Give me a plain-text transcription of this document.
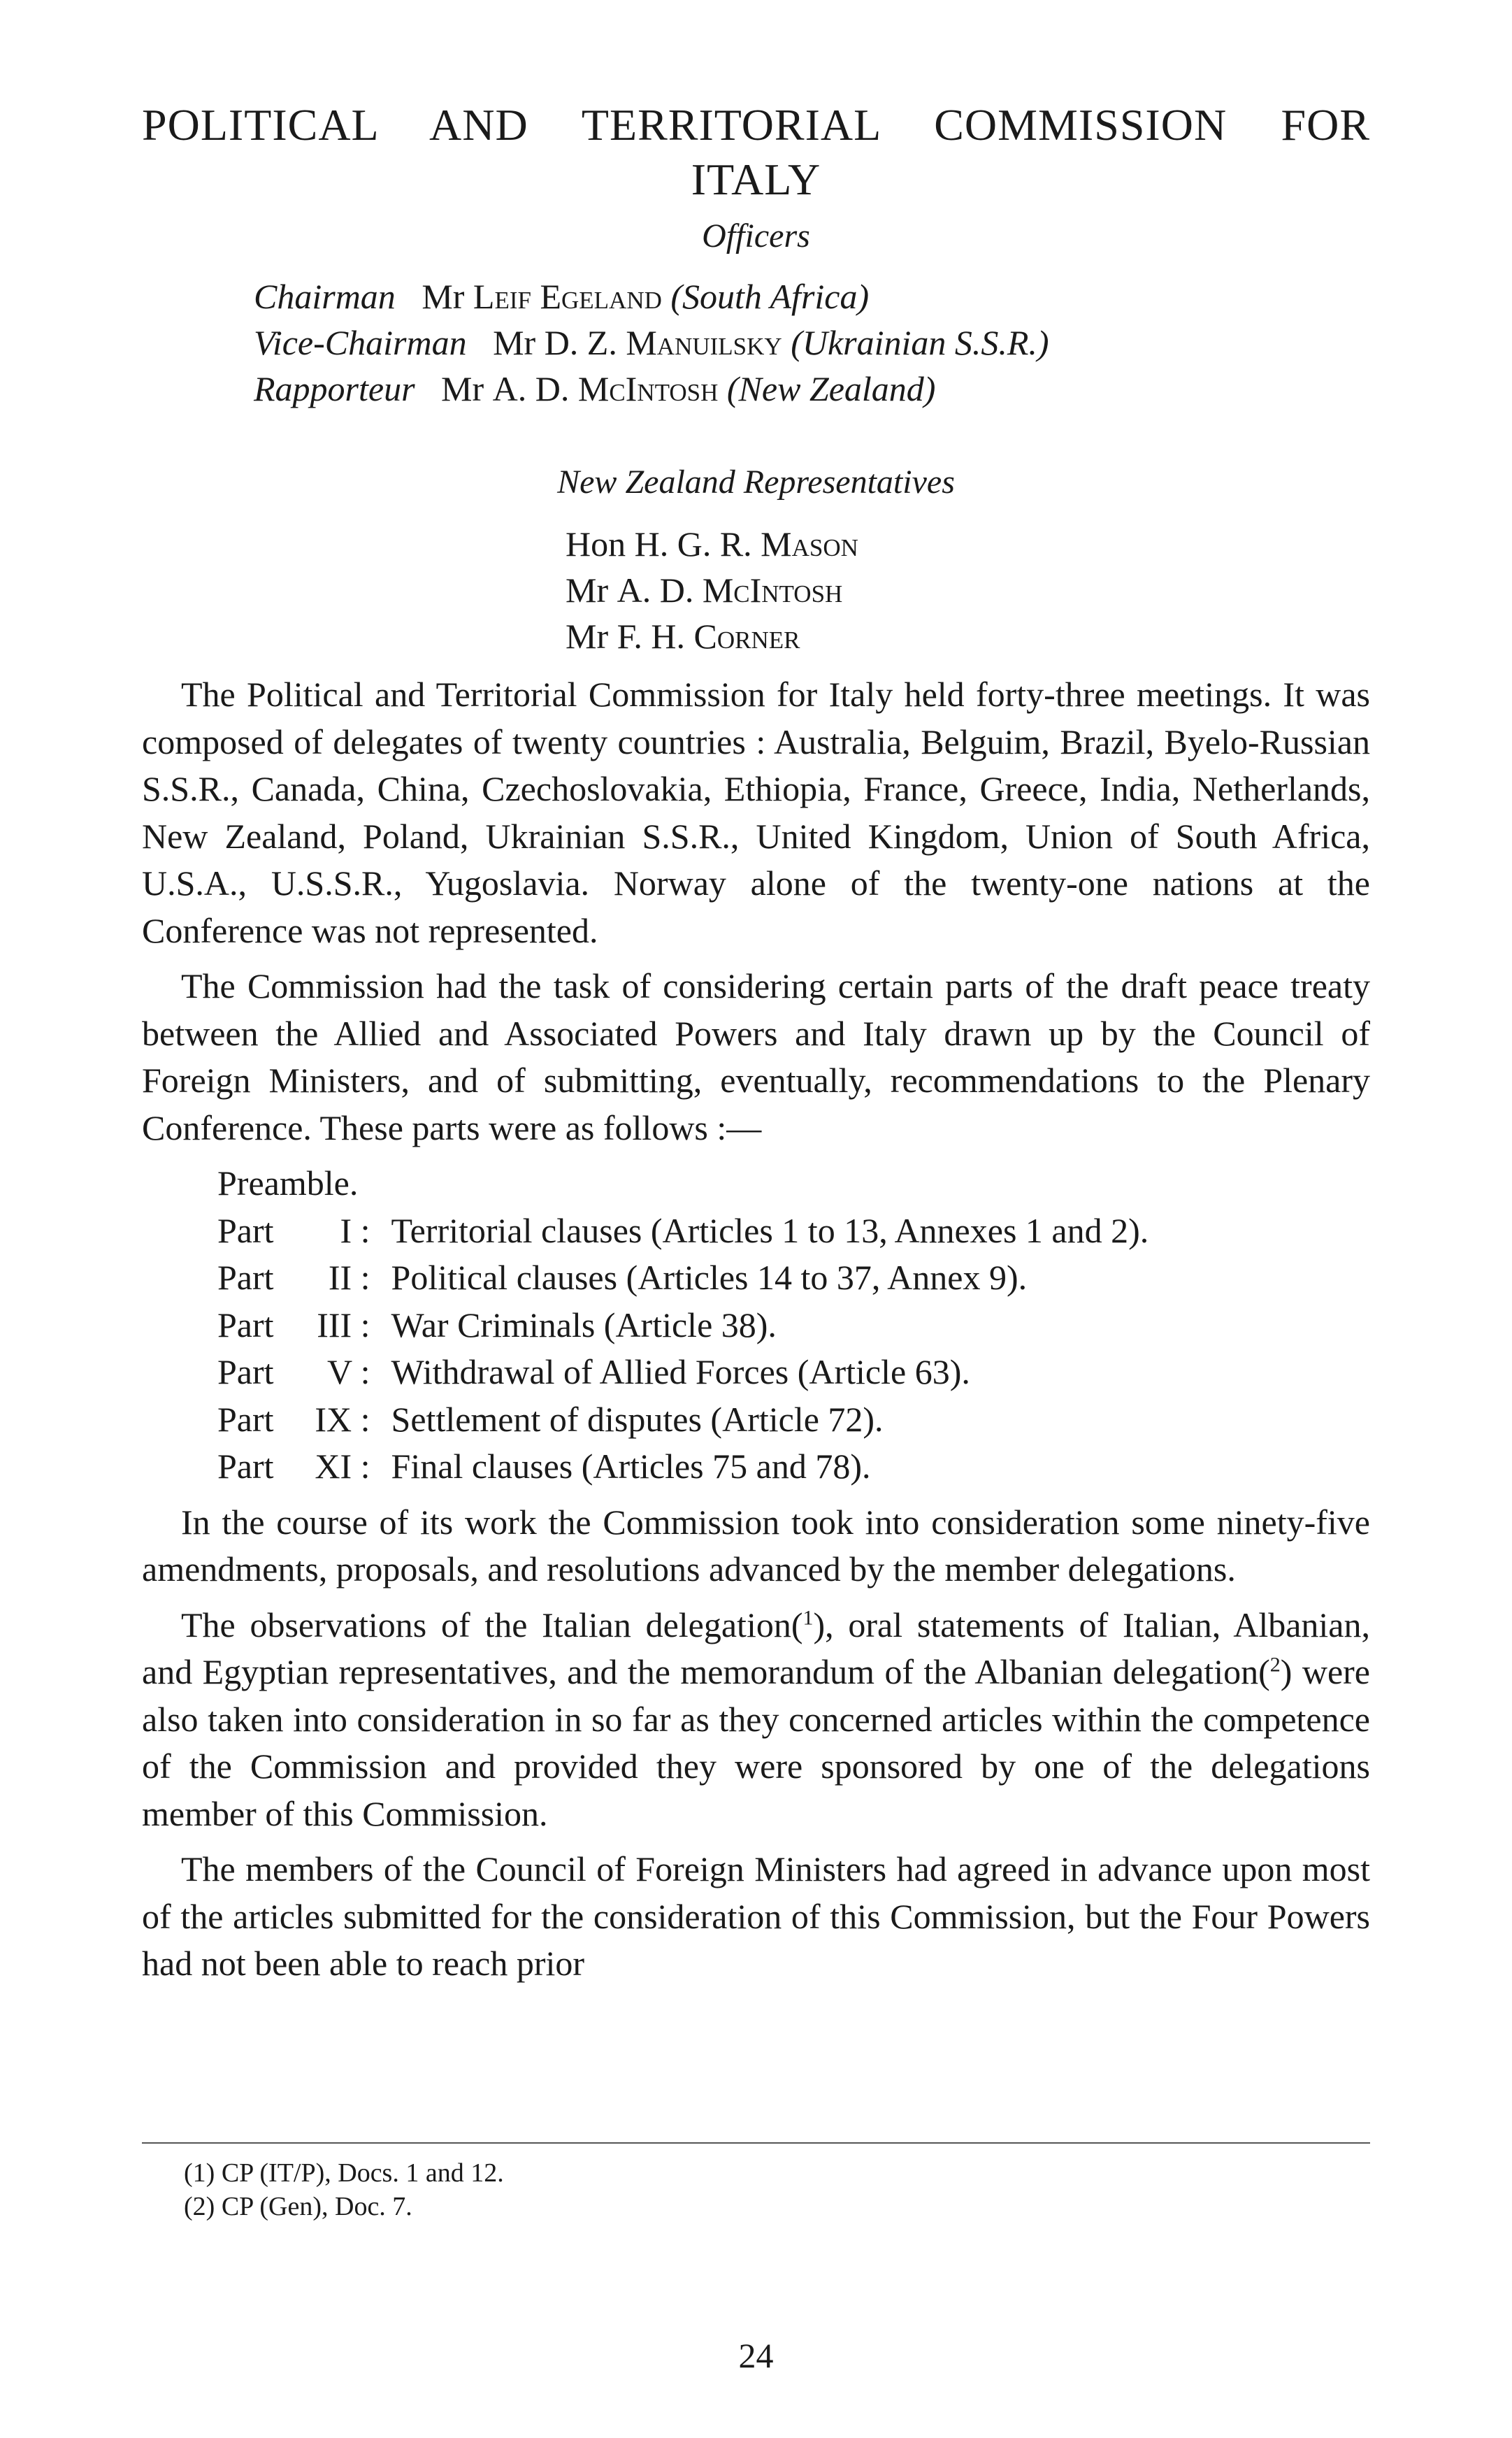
POLITICAL AND TERRITORIAL COMMISSION FOR
ITALY
Officers
Chairman Mr Leif Egeland (South Africa)
Vice-Chairman Mr D. Z. Manuilsky (Ukrainian S.S.R.)
Rapporteur Mr A. D. McIntosh (New Zealand)
New Zealand Representatives
Hon H. G. R. Mason
Mr A. D. McIntosh
Mr F. H. Corner

The Political and Territorial Commission for Italy held forty-three meetings. It was composed of delegates of twenty countries : Australia, Belguim, Brazil, Byelo-Russian S.S.R., Canada, China, Czechoslovakia, Ethiopia, France, Greece, India, Netherlands, New Zealand, Poland, Ukrainian S.S.R., United Kingdom, Union of South Africa, U.S.A., U.S.S.R., Yugoslavia. Norway alone of the twenty-one nations at the Conference was not represented.

The Commission had the task of considering certain parts of the draft peace treaty between the Allied and Associated Powers and Italy drawn up by the Council of Foreign Ministers, and of submitting, eventually, recommendations to the Plenary Conference. These parts were as follows :—

Preamble.
Part	I : Territorial clauses (Articles 1 to 13, Annexes 1 and 2).
Part	II : Political clauses (Articles 14 to 37, Annex 9).
Part	III : War Criminals (Article 38).
Part	V : Withdrawal of Allied Forces (Article 63).
Part	IX : Settlement of disputes (Article 72).
Part	XI : Final clauses (Articles 75 and 78).

In the course of its work the Commission took into consideration some ninety-five amendments, proposals, and resolutions advanced by the member delegations.

The observations of the Italian delegation($^1$), oral statements of Italian, Albanian, and Egyptian representatives, and the memorandum of the Albanian delegation($^2$) were also taken into consideration in so far as they concerned articles within the competence of the Commission and provided they were sponsored by one of the delegations member of this Commission.

The members of the Council of Foreign Ministers had agreed in advance upon most of the articles submitted for the consideration of this Commission, but the Four Powers had not been able to reach prior

(1) CP (IT/P), Docs. 1 and 12.
(2) CP (Gen), Doc. 7.
24
